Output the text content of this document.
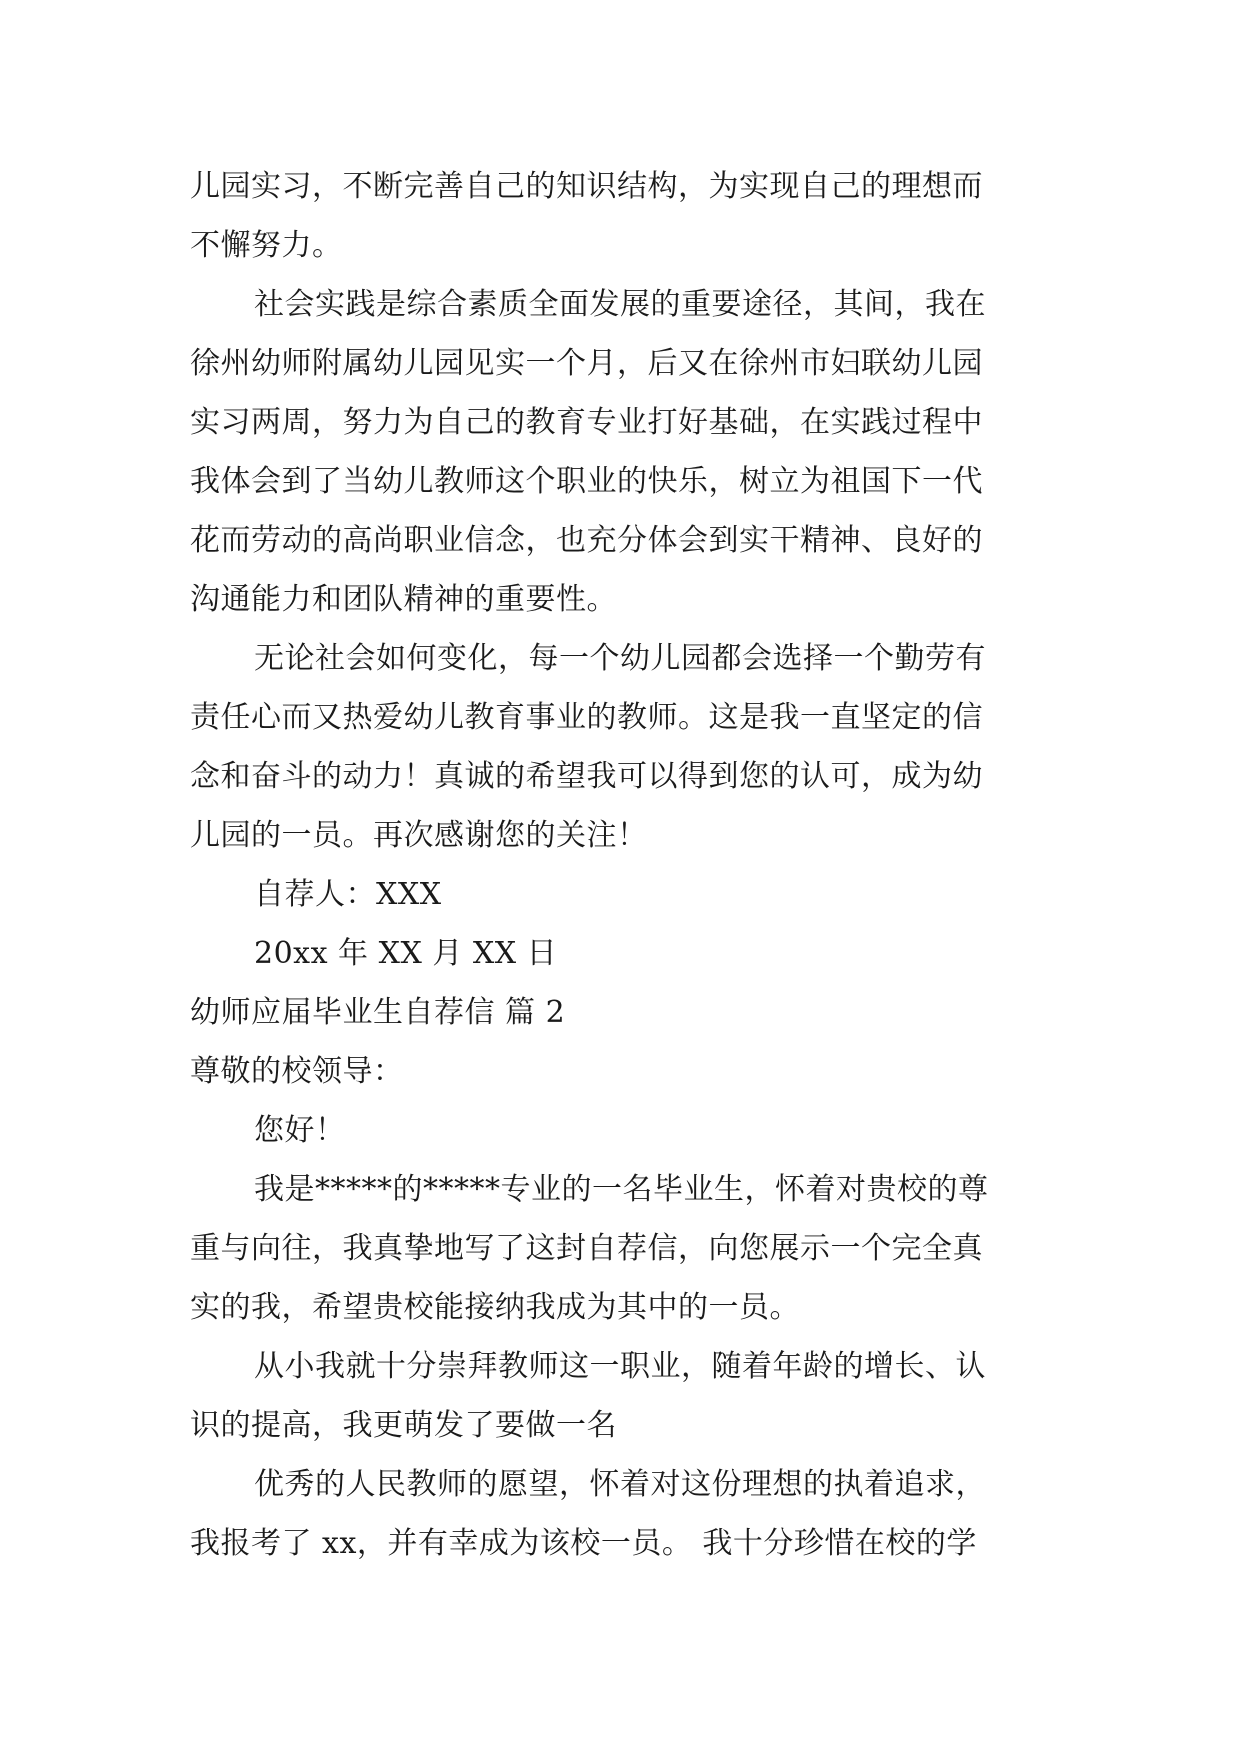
儿园实习，不断完善自己的知识结构，为实现自己的理想而
不懈努力。
社会实践是综合素质全面发展的重要途径，其间，我在
徐州幼师附属幼儿园见实一个月，后又在徐州市妇联幼儿园
实习两周，努力为自己的教育专业打好基础，在实践过程中
我体会到了当幼儿教师这个职业的快乐，树立为祖国下一代
花而劳动的高尚职业信念，也充分体会到实干精神、良好的
沟通能力和团队精神的重要性。
无论社会如何变化，每一个幼儿园都会选择一个勤劳有
责任心而又热爱幼儿教育事业的教师。这是我一直坚定的信
念和奋斗的动力！真诚的希望我可以得到您的认可，成为幼
儿园的一员。再次感谢您的关注！
自荐人：XXX
20xx 年 XX 月 XX 日
幼师应届毕业生自荐信 篇 2
尊敬的校领导：
您好！
我是*****的*****专业的一名毕业生，怀着对贵校的尊
重与向往，我真挚地写了这封自荐信，向您展示一个完全真
实的我，希望贵校能接纳我成为其中的一员。
从小我就十分崇拜教师这一职业，随着年龄的增长、认
识的提高，我更萌发了要做一名
优秀的人民教师的愿望，怀着对这份理想的执着追求，
我报考了 xx，并有幸成为该校一员。 我十分珍惜在校的学
